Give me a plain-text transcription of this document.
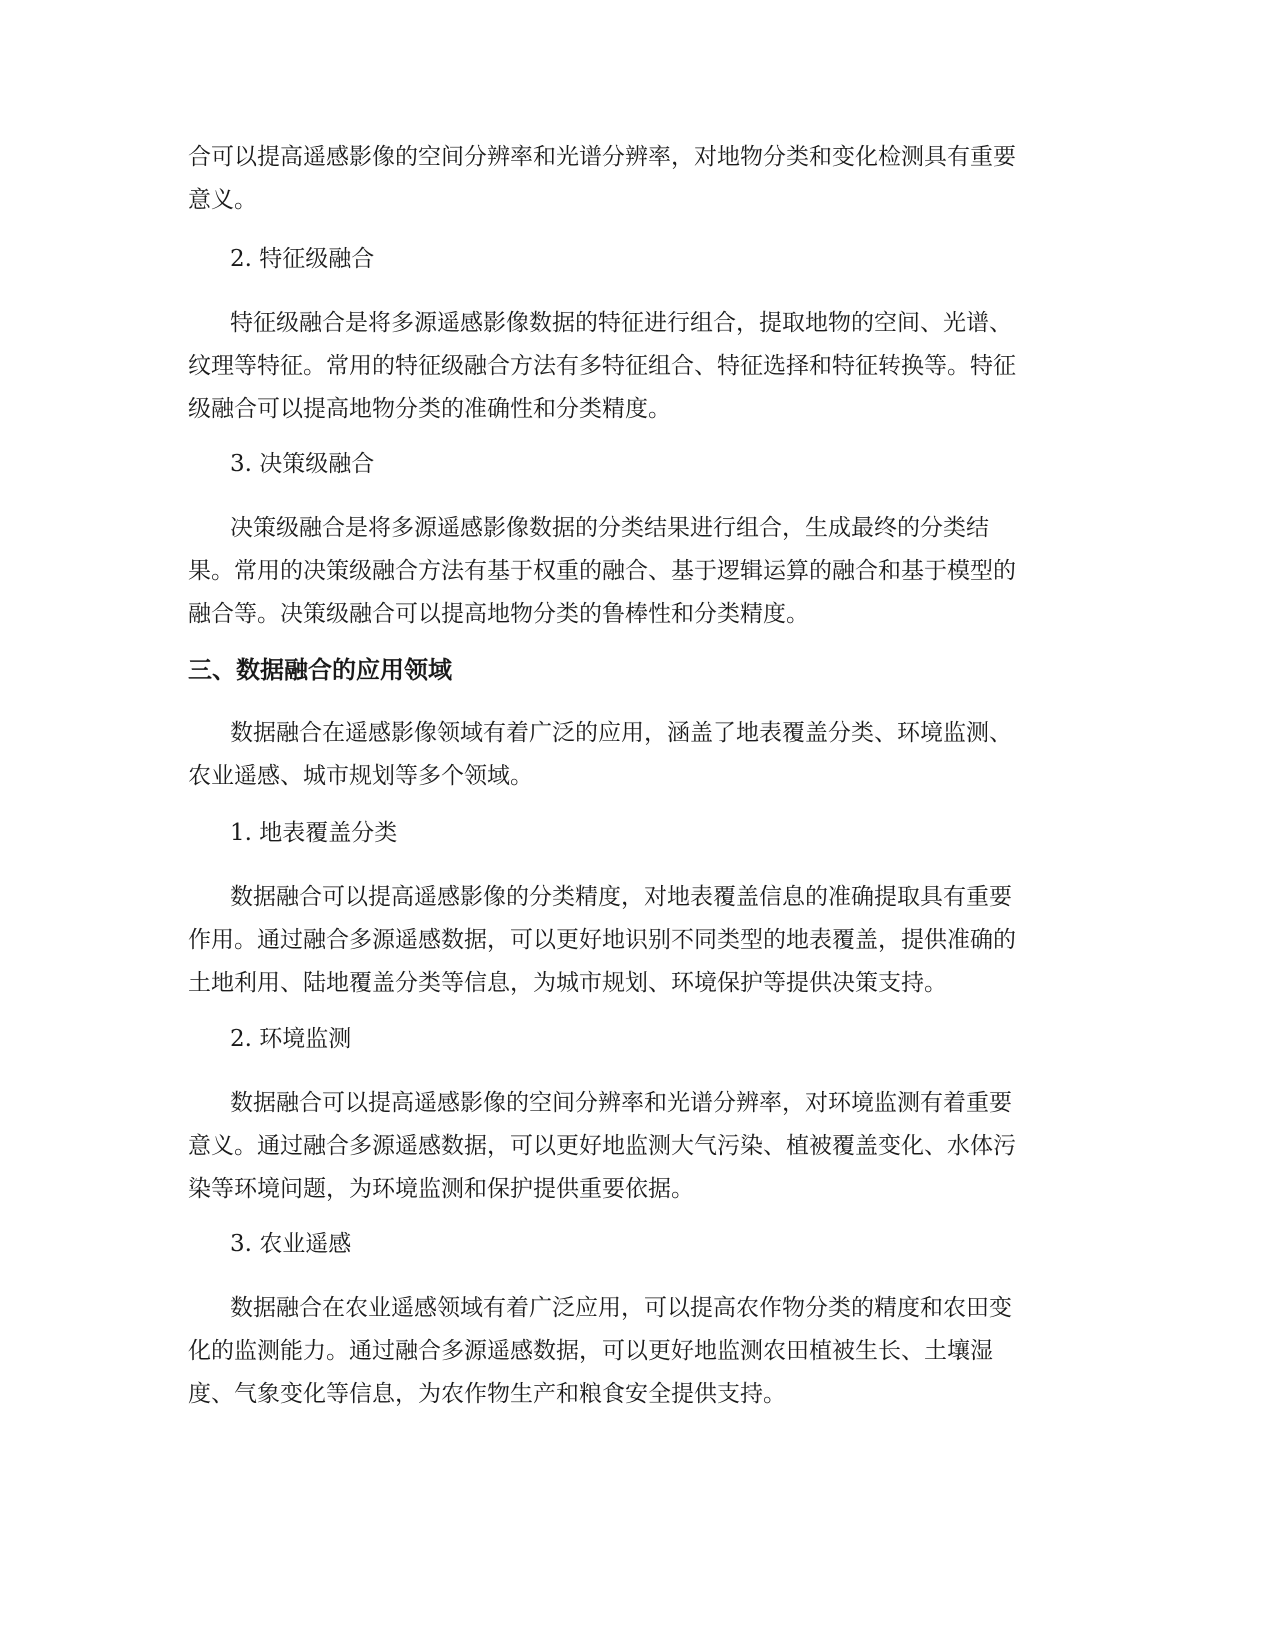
合可以提高遥感影像的空间分辨率和光谱分辨率，对地物分类和变化检测具有重要
意义。

2. 特征级融合

特征级融合是将多源遥感影像数据的特征进行组合，提取地物的空间、光谱、
纹理等特征。常用的特征级融合方法有多特征组合、特征选择和特征转换等。特征
级融合可以提高地物分类的准确性和分类精度。

3. 决策级融合

决策级融合是将多源遥感影像数据的分类结果进行组合，生成最终的分类结
果。常用的决策级融合方法有基于权重的融合、基于逻辑运算的融合和基于模型的
融合等。决策级融合可以提高地物分类的鲁棒性和分类精度。

三、数据融合的应用领域

数据融合在遥感影像领域有着广泛的应用，涵盖了地表覆盖分类、环境监测、
农业遥感、城市规划等多个领域。

1. 地表覆盖分类

数据融合可以提高遥感影像的分类精度，对地表覆盖信息的准确提取具有重要
作用。通过融合多源遥感数据，可以更好地识别不同类型的地表覆盖，提供准确的
土地利用、陆地覆盖分类等信息，为城市规划、环境保护等提供决策支持。

2. 环境监测

数据融合可以提高遥感影像的空间分辨率和光谱分辨率，对环境监测有着重要
意义。通过融合多源遥感数据，可以更好地监测大气污染、植被覆盖变化、水体污
染等环境问题，为环境监测和保护提供重要依据。

3. 农业遥感

数据融合在农业遥感领域有着广泛应用，可以提高农作物分类的精度和农田变
化的监测能力。通过融合多源遥感数据，可以更好地监测农田植被生长、土壤湿
度、气象变化等信息，为农作物生产和粮食安全提供支持。
